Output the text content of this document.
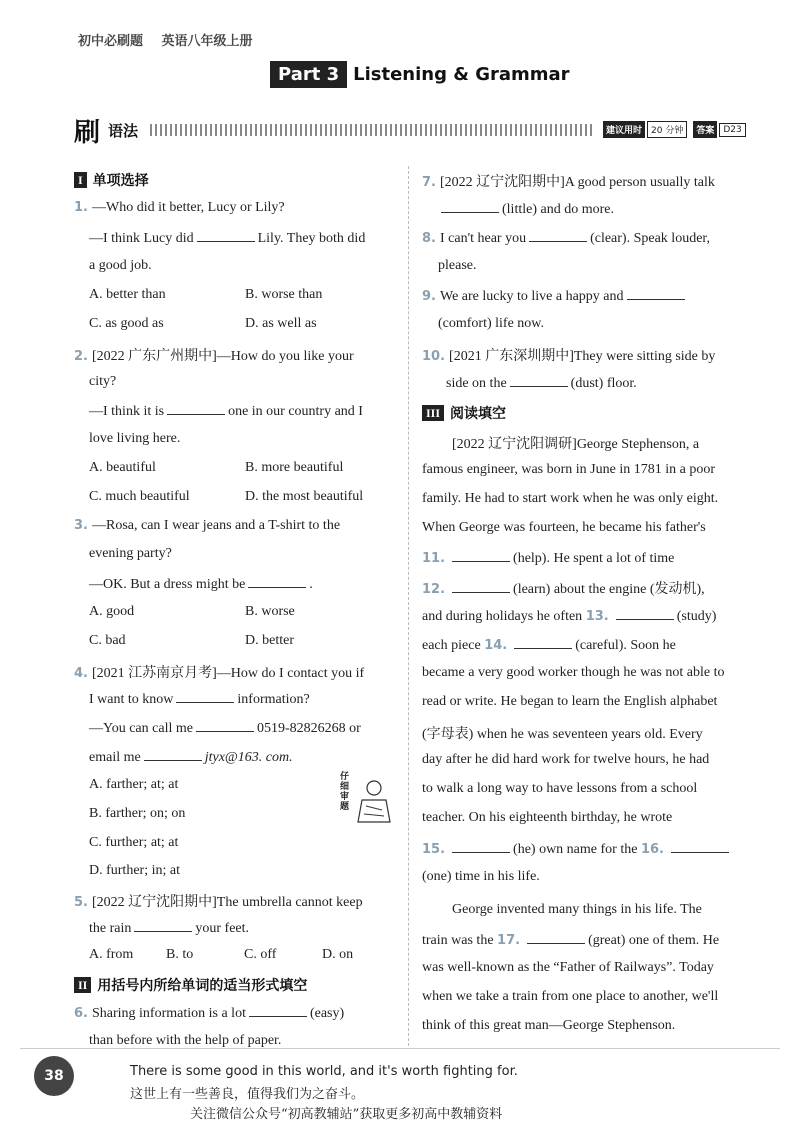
初中必刷题 英语八年级上册
Part 3 Listening & Grammar
刷 语法	建议用时	20 分钟	答案	D23
I 单项选择
1. —Who did it better, Lucy or Lily?
—I think Lucy did	Lily. They both did
a good job.
A. better than	B. worse than
C. as good as	D. as well as
2. [2022 广东广州期中]—How do you like your
city?
—I think it is	one in our country and I
love living here.
A. beautiful	B. more beautiful
C. much beautiful	D. the most beautiful
3. —Rosa, can I wear jeans and a T-shirt to the
evening party?
—OK. But a dress might be	.
A. good	B. worse
C. bad	D. better
4. [2021 江苏南京月考]—How do I contact you if
I want to know	information?
—You can call me	0519-82826268 or
email me	jtyx@163. com.
A. farther; at; at
B. farther; on; on
C. further; at; at
D. further; in; at
仔细审题
5. [2022 辽宁沈阳期中]The umbrella cannot keep
the rain	your feet.
A. from B. to	C. off	D. on
II 用括号内所给单词的适当形式填空
6. Sharing information is a lot	(easy)
than before with the help of paper.
7. [2022 辽宁沈阳期中]A good person usually talk
(little) and do more.
8. I can't hear you	(clear). Speak louder,
please.
9. We are lucky to live a happy and
(comfort) life now.
10. [2021 广东深圳期中]They were sitting side by
side on the	(dust) floor.
III 阅读填空
[2022 辽宁沈阳调研]George Stephenson, a
famous engineer, was born in June in 1781 in a poor
family. He had to start work when he was only eight.
When George was fourteen, he became his father's
11.	(help). He spent a lot of time
12.	(learn) about the engine (发动机),
and during holidays he often 13.	(study)
each piece 14.	(careful). Soon he
became a very good worker though he was not able to
read or write. He began to learn the English alphabet
(字母表) when he was seventeen years old. Every
day after he did hard work for twelve hours, he had
to walk a long way to have lessons from a school
teacher. On his eighteenth birthday, he wrote
15.	(he) own name for the 16.
(one) time in his life.
George invented many things in his life. The
train was the 17.	(great) one of them. He
was well-known as the “Father of Railways”. Today
when we take a train from one place to another, we'll
think of this great man—George Stephenson.
38	There is some good in this world, and it's worth fighting for.
这世上有一些善良，值得我们为之奋斗。
关注微信公众号“初高教辅站”获取更多初高中教辅资料
